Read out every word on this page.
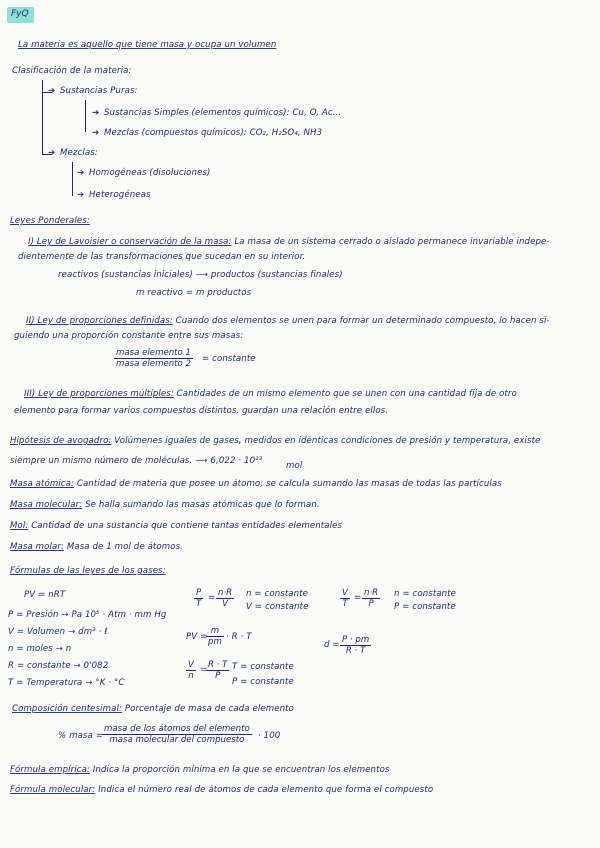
FyQ
La materia es aquello que tiene masa y ocupa un volumen
Clasificación de la materia:
➔ Sustancias Puras:
➔ Sustancias Simples (elementos químicos): Cu, O, Ac...
➔ Mezclas (compuestos químicos): CO₂, H₂SO₄, NH3
➔ Mezclas:
➔ Homogéneas (disoluciones)
➔ Heterogéneas
Leyes Ponderales:
I) Ley de Lavoisier o conservación de la masa: La masa de un sistema cerrado o aislado permanece invariable indepe-
dientemente de las transformaciones que sucedan en su interior.
reactivos (sustancias iniciales) ⟶ productos (sustancias finales)
m reactivo = m productos
II) Ley de proporciones definidas: Cuando dos elementos se unen para formar un determinado compuesto, lo hacen si-
guiendo una proporción constante entre sus masas:
masa elemento 1
masa elemento 2 = constante
III) Ley de proporciones múltiples: Cantidades de un mismo elemento que se unen con una cantidad fija de otro
elemento para formar varios compuestos distintos, guardan una relación entre ellos.
Hipótesis de avogadro: Volúmenes iguales de gases, medidos en idénticas condiciones de presión y temperatura, existe
siempre un mismo número de moléculas. ⟶ 6,022 · 10²³	mol
Masa atómica: Cantidad de materia que posee un átomo; se calcula sumando las masas de todas las partículas
Masa molecular: Se halla sumando las masas atómicas que lo forman.
Mol: Cantidad de una sustancia que contiene tantas entidades elementales
Masa molar: Masa de 1 mol de átomos.
Fórmulas de las leyes de los gases:
PV = nRT
P = Presión → Pa 10⁵ · Atm · mm Hg
V = Volumen → dm³ · ℓ
n = moles → n
R = constante → 0'082
T = Temperatura → °K · °C
$\frac{P}{T} = \frac{n\cdot R}{V}$ n = constante
V = constante	$\frac{V}{T} = \frac{n\cdot R}{P}$ n = constante
P = constante
PV =
$\frac{m}{pm} \cdot R \cdot T$
$d = \frac{P \cdot pm}{R \cdot T}$
$\frac{V}{n}$ =
$\frac{R \cdot T}{P}$ T = constante
P = constante
Composición centesimal: Porcentaje de masa de cada elemento
% masa =
masa de los átomos del elemento
masa molecular del compuesto	· 100
Fórmula empírica: Indica la proporción mínima en la que se encuentran los elementos
Fórmula molecular: Indica el número real de átomos de cada elemento que forma el compuesto
